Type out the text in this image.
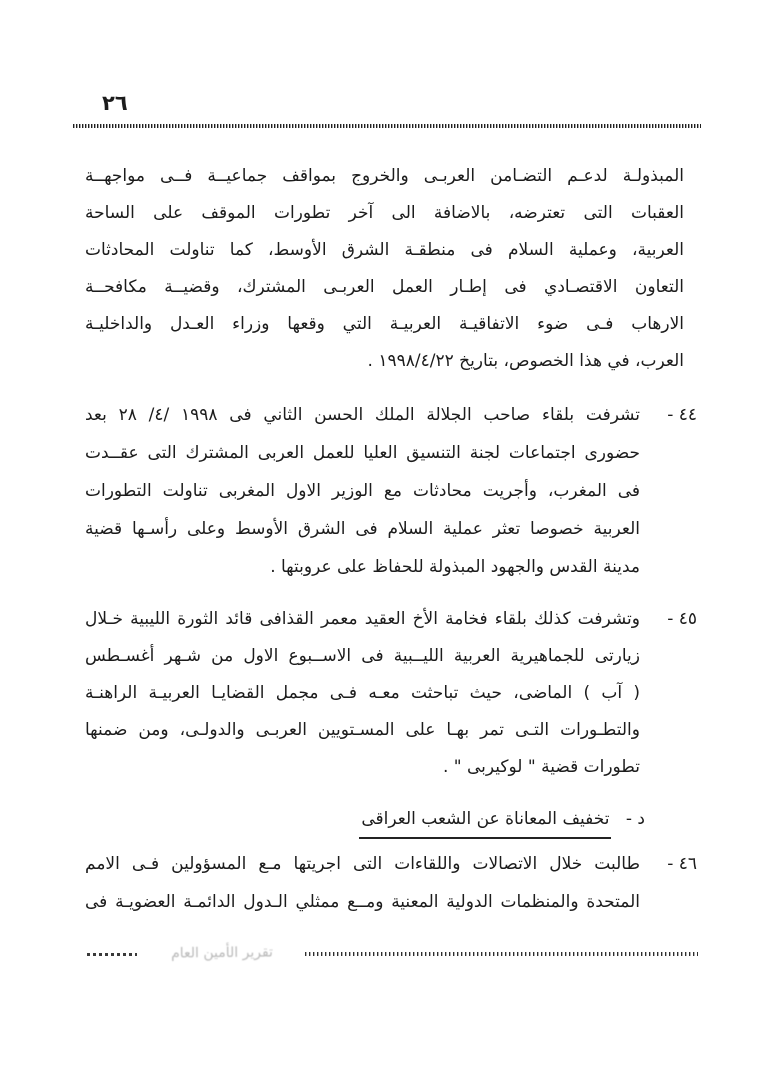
٢٦
المبذولـة لدعـم التضـامن العربـى والخروج بمواقف جماعيــة فــى مواجهــة
العقبات التى تعترضه، بالاضافة الى آخر تطورات الموقف على الساحة
العربية، وعملية السلام فى منطقـة الشرق الأوسط، كما تناولت المحادثات
التعاون الاقتصـادي فى إطـار العمل العربـى المشترك، وقضيــة مكافحــة
الارهاب فـى ضوء الاتفاقيـة العربيـة التي وقعها وزراء العـدل والداخليـة
العرب، في هذا الخصوص، بتاريخ ⁦١٩٩٨/٤/٢٢⁩ .
٤٤ -
تشرفت بلقاء صاحب الجلالة الملك الحسن الثاني فى ⁦١٩٩٨ /٤/ ٢٨⁩ بعد
حضورى اجتماعات لجنة التنسيق العليا للعمل العربى المشترك التى عقــدت
فى المغرب، وأجريت محادثات مع الوزير الاول المغربى تناولت التطورات
العربية خصوصا تعثر عملية السلام فى الشرق الأوسط وعلى رأسـها قضية
مدينة القدس والجهود المبذولة للحفاظ على عروبتها .
٤٥ -
وتشرفت كذلك بلقاء فخامة الأخ العقيد معمر القذافى قائد الثورة الليبية خـلال
زيارتى للجماهيرية العربية الليــبية فى الاســبوع الاول من شـهر أغسـطس
( آب ) الماضى، حيث تباحثت معـه فـى مجمل القضايـا العربيـة الراهنـة
والتطـورات التـى تمر بهـا على المسـتويين العربـى والدولـى، ومن ضمنها
تطورات قضية " لوكيربى " .
د - تخفيف المعاناة عن الشعب العراقى
٤٦ -
طالبت خلال الاتصالات واللقاءات التى اجريتها مـع المسؤولين فـى الامم
المتحدة والمنظمات الدولية المعنية ومــع ممثلي الـدول الدائمـة العضويـة فى
تقرير الأمين العام
